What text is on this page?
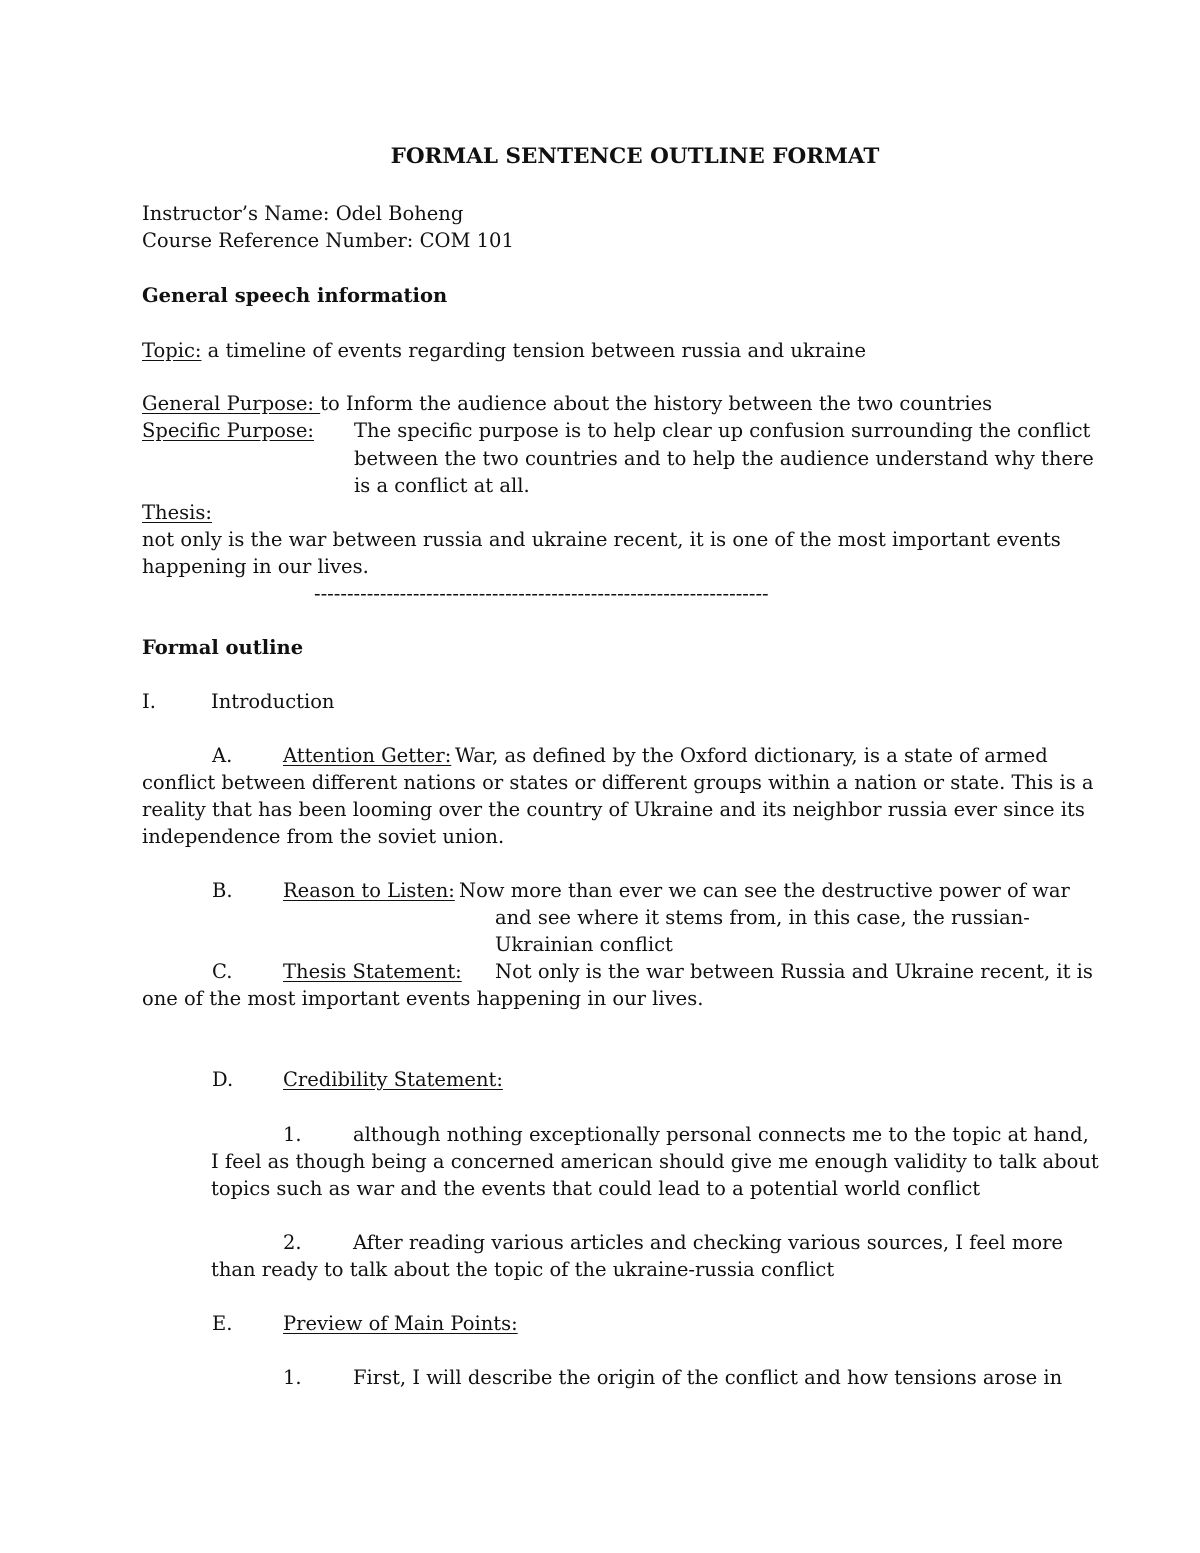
FORMAL SENTENCE OUTLINE FORMAT

Instructor’s Name: Odel Boheng

Course Reference Number: COM 101

General speech information

Topic: a timeline of events regarding tension between russia and ukraine

General Purpose: to Inform the audience about the history between the two countries

Specific Purpose: The specific purpose is to help clear up confusion surrounding the conflict

between the two countries and to help the audience understand why there

is a conflict at all.

Thesis:

not only is the war between russia and ukraine recent, it is one of the most important events

happening in our lives.

---------------------------------------------------------------------

Formal outline

I.	Introduction

A.	Attention Getter: War, as defined by the Oxford dictionary, is a state of armed

conflict between different nations or states or different groups within a nation or state. This is a

reality that has been looming over the country of Ukraine and its neighbor russia ever since its

independence from the soviet union.

B.	Reason to Listen: Now more than ever we can see the destructive power of war

and see where it stems from, in this case, the russian-

Ukrainian conflict

C.	Thesis Statement: Not only is the war between Russia and Ukraine recent, it is

one of the most important events happening in our lives.

D.	Credibility Statement:

1.	although nothing exceptionally personal connects me to the topic at hand,

I feel as though being a concerned american should give me enough validity to talk about

topics such as war and the events that could lead to a potential world conflict

2.	After reading various articles and checking various sources, I feel more

than ready to talk about the topic of the ukraine-russia conflict

E.	Preview of Main Points:

1.	First, I will describe the origin of the conflict and how tensions arose in
